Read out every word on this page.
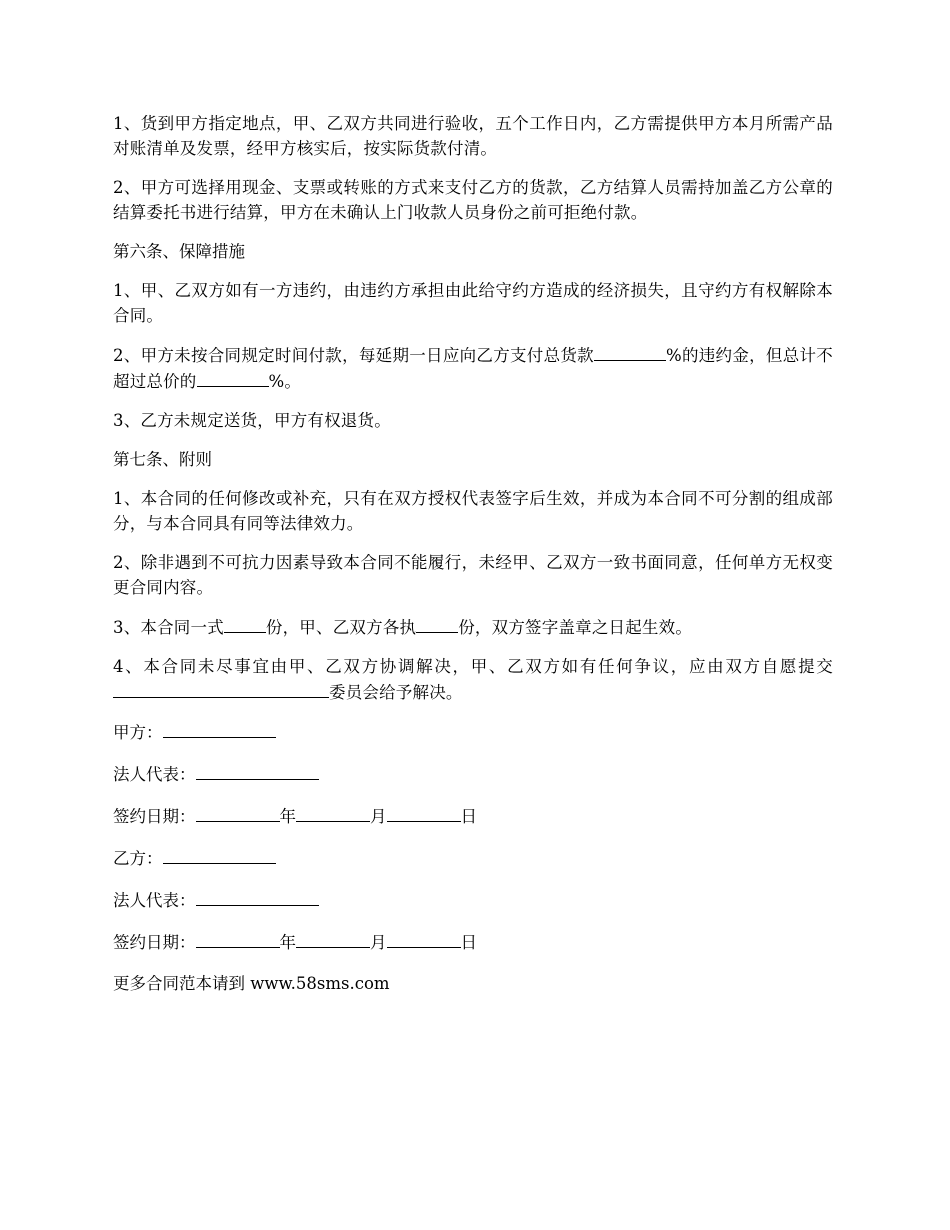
1、货到甲方指定地点，甲、乙双方共同进行验收，五个工作日内，乙方需提供甲方本月所需产品对账清单及发票，经甲方核实后，按实际货款付清。

2、甲方可选择用现金、支票或转账的方式来支付乙方的货款，乙方结算人员需持加盖乙方公章的结算委托书进行结算，甲方在未确认上门收款人员身份之前可拒绝付款。

第六条、保障措施

1、甲、乙双方如有一方违约，由违约方承担由此给守约方造成的经济损失，且守约方有权解除本合同。

2、甲方未按合同规定时间付款，每延期一日应向乙方支付总货款	%的违约金，但总计不超过总价的	%。

3、乙方未规定送货，甲方有权退货。

第七条、附则

1、本合同的任何修改或补充，只有在双方授权代表签字后生效，并成为本合同不可分割的组成部分，与本合同具有同等法律效力。

2、除非遇到不可抗力因素导致本合同不能履行，未经甲、乙双方一致书面同意，任何单方无权变更合同内容。

3、本合同一式	份，甲、乙双方各执	份，双方签字盖章之日起生效。

4、本合同未尽事宜由甲、乙双方协调解决，甲、乙双方如有任何争议，应由双方自愿提交委员会给予解决。

甲方：

法人代表：

签约日期：	年	月	日

乙方：

法人代表：

签约日期：	年	月	日

更多合同范本请到 www.58sms.com
